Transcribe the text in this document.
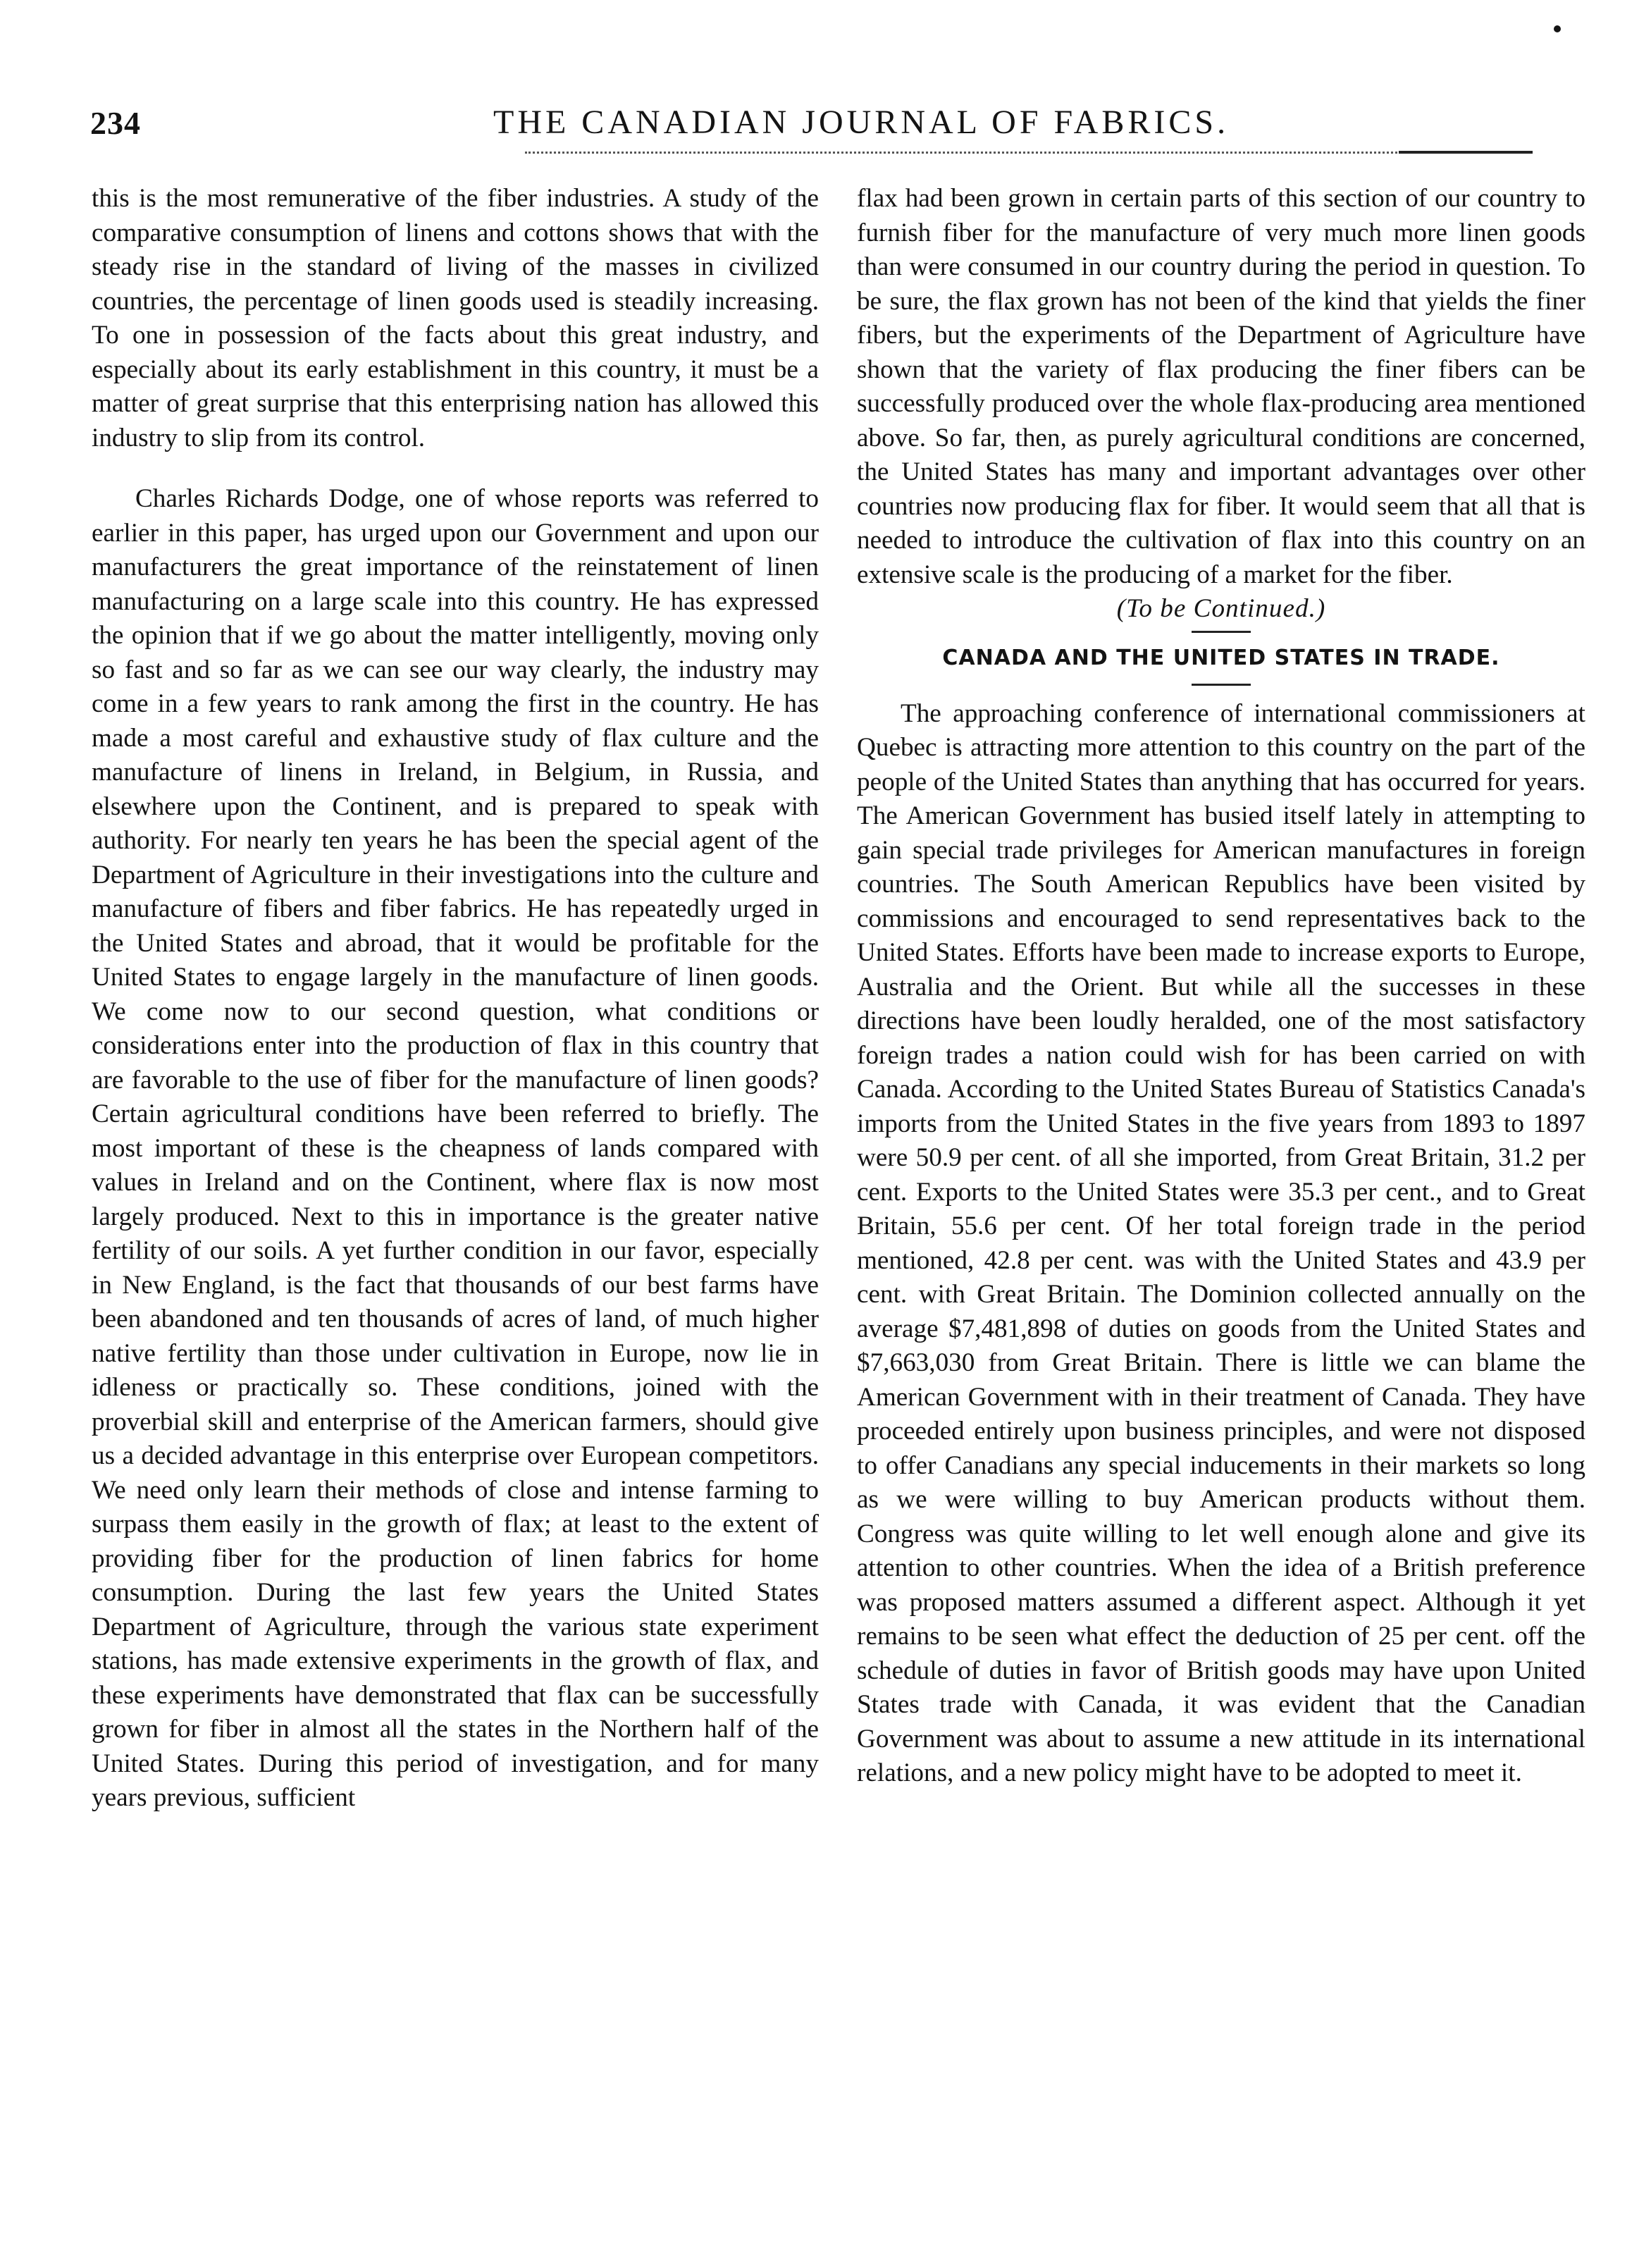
234	THE CANADIAN JOURNAL OF FABRICS.

this is the most remunerative of the fiber industries. A study of the comparative consumption of linens and cottons shows that with the steady rise in the standard of living of the masses in civilized countries, the percentage of linen goods used is steadily increasing. To one in possession of the facts about this great industry, and especially about its early establishment in this country, it must be a matter of great surprise that this enterprising nation has allowed this industry to slip from its control.

Charles Richards Dodge, one of whose reports was referred to earlier in this paper, has urged upon our Government and upon our manufacturers the great importance of the reinstatement of linen manufacturing on a large scale into this country. He has expressed the opinion that if we go about the matter intelligently, moving only so fast and so far as we can see our way clearly, the industry may come in a few years to rank among the first in the country. He has made a most careful and exhaustive study of flax culture and the manufacture of linens in Ireland, in Belgium, in Russia, and elsewhere upon the Continent, and is prepared to speak with authority. For nearly ten years he has been the special agent of the Department of Agriculture in their investigations into the culture and manufacture of fibers and fiber fabrics. He has repeatedly urged in the United States and abroad, that it would be profitable for the United States to engage largely in the manufacture of linen goods. We come now to our second question, what conditions or considerations enter into the production of flax in this country that are favorable to the use of fiber for the manufacture of linen goods? Certain agricultural conditions have been referred to briefly. The most important of these is the cheapness of lands compared with values in Ireland and on the Continent, where flax is now most largely produced. Next to this in importance is the greater native fertility of our soils. A yet further condition in our favor, especially in New England, is the fact that thousands of our best farms have been abandoned and ten thousands of acres of land, of much higher native fertility than those under cultivation in Europe, now lie in idleness or practically so. These conditions, joined with the proverbial skill and enterprise of the American farmers, should give us a decided advantage in this enterprise over European competitors. We need only learn their methods of close and intense farming to surpass them easily in the growth of flax; at least to the extent of providing fiber for the production of linen fabrics for home consumption. During the last few years the United States Department of Agriculture, through the various state experiment stations, has made extensive experiments in the growth of flax, and these experiments have demonstrated that flax can be successfully grown for fiber in almost all the states in the Northern half of the United States. During this period of investigation, and for many years previous, sufficient

flax had been grown in certain parts of this section of our country to furnish fiber for the manufacture of very much more linen goods than were consumed in our country during the period in question. To be sure, the flax grown has not been of the kind that yields the finer fibers, but the experiments of the Department of Agriculture have shown that the variety of flax producing the finer fibers can be successfully produced over the whole flax-producing area mentioned above. So far, then, as purely agricultural conditions are concerned, the United States has many and important advantages over other countries now producing flax for fiber. It would seem that all that is needed to introduce the cultivation of flax into this country on an extensive scale is the producing of a market for the fiber.

(To be Continued.)

CANADA AND THE UNITED STATES IN TRADE.

The approaching conference of international commissioners at Quebec is attracting more attention to this country on the part of the people of the United States than anything that has occurred for years. The American Government has busied itself lately in attempting to gain special trade privileges for American manufactures in foreign countries. The South American Republics have been visited by commissions and encouraged to send representatives back to the United States. Efforts have been made to increase exports to Europe, Australia and the Orient. But while all the successes in these directions have been loudly heralded, one of the most satisfactory foreign trades a nation could wish for has been carried on with Canada. According to the United States Bureau of Statistics Canada's imports from the United States in the five years from 1893 to 1897 were 50.9 per cent. of all she imported, from Great Britain, 31.2 per cent. Exports to the United States were 35.3 per cent., and to Great Britain, 55.6 per cent. Of her total foreign trade in the period mentioned, 42.8 per cent. was with the United States and 43.9 per cent. with Great Britain. The Dominion collected annually on the average $7,481,898 of duties on goods from the United States and $7,663,030 from Great Britain. There is little we can blame the American Government with in their treatment of Canada. They have proceeded entirely upon business principles, and were not disposed to offer Canadians any special inducements in their markets so long as we were willing to buy American products without them. Congress was quite willing to let well enough alone and give its attention to other countries. When the idea of a British preference was proposed matters assumed a different aspect. Although it yet remains to be seen what effect the deduction of 25 per cent. off the schedule of duties in favor of British goods may have upon United States trade with Canada, it was evident that the Canadian Government was about to assume a new attitude in its international relations, and a new policy might have to be adopted to meet it.
